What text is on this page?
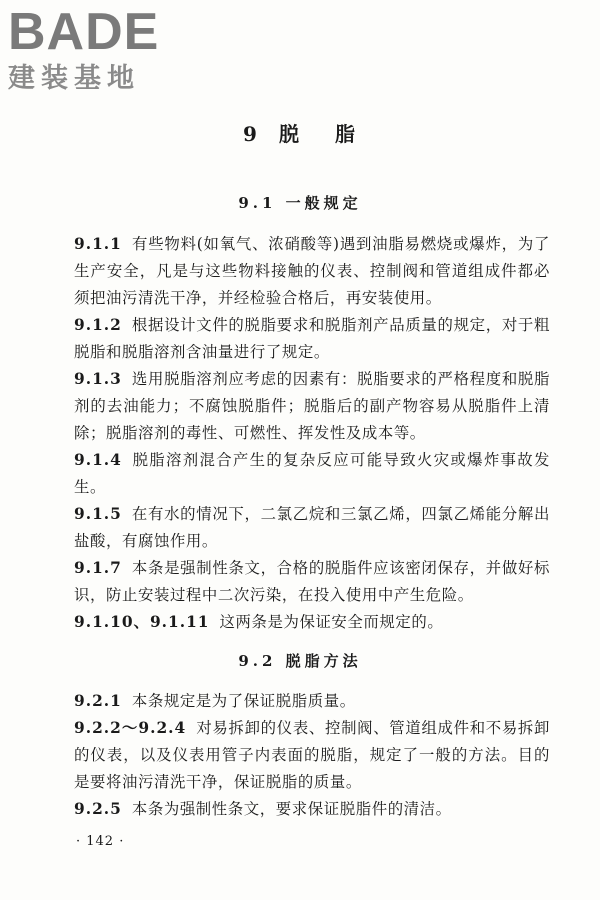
BADE
建装基地
9 脱 脂
9.1 一般规定

9.1.1 有些物料(如氧气、浓硝酸等)遇到油脂易燃烧或爆炸，为了生产安全，凡是与这些物料接触的仪表、控制阀和管道组成件都必须把油污清洗干净，并经检验合格后，再安装使用。

9.1.2 根据设计文件的脱脂要求和脱脂剂产品质量的规定，对于粗脱脂和脱脂溶剂含油量进行了规定。

9.1.3 选用脱脂溶剂应考虑的因素有：脱脂要求的严格程度和脱脂剂的去油能力；不腐蚀脱脂件；脱脂后的副产物容易从脱脂件上清除；脱脂溶剂的毒性、可燃性、挥发性及成本等。

9.1.4 脱脂溶剂混合产生的复杂反应可能导致火灾或爆炸事故发生。

9.1.5 在有水的情况下，二氯乙烷和三氯乙烯，四氯乙烯能分解出盐酸，有腐蚀作用。

9.1.7 本条是强制性条文，合格的脱脂件应该密闭保存，并做好标识，防止安装过程中二次污染，在投入使用中产生危险。

9.1.10、9.1.11 这两条是为保证安全而规定的。

9.2 脱脂方法

9.2.1 本条规定是为了保证脱脂质量。

9.2.2～9.2.4 对易拆卸的仪表、控制阀、管道组成件和不易拆卸的仪表，以及仪表用管子内表面的脱脂，规定了一般的方法。目的是要将油污清洗干净，保证脱脂的质量。

9.2.5 本条为强制性条文，要求保证脱脂件的清洁。

· 142 ·
